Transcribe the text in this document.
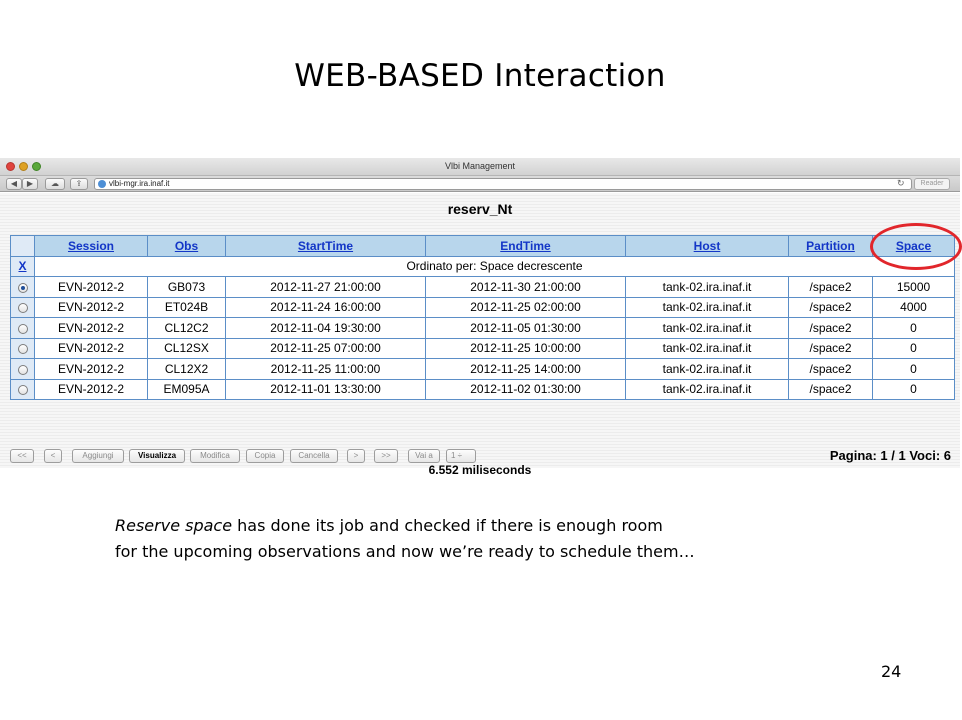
WEB-BASED Interaction
Vlbi Management
◀	▶	☁	⇪	vlbi-mgr.ira.inaf.it	↻	Reader
reserv_Nt
	Session	Obs	StartTime	EndTime	Host	Partition	Space
X	Ordinato per: Space decrescente						
	EVN-2012-2	GB073	2012-11-27 21:00:00	2012-11-30 21:00:00	tank-02.ira.inaf.it	/space2	15000
	EVN-2012-2	ET024B	2012-11-24 16:00:00	2012-11-25 02:00:00	tank-02.ira.inaf.it	/space2	4000
	EVN-2012-2	CL12C2	2012-11-04 19:30:00	2012-11-05 01:30:00	tank-02.ira.inaf.it	/space2	0
	EVN-2012-2	CL12SX	2012-11-25 07:00:00	2012-11-25 10:00:00	tank-02.ira.inaf.it	/space2	0
	EVN-2012-2	CL12X2	2012-11-25 11:00:00	2012-11-25 14:00:00	tank-02.ira.inaf.it	/space2	0
	EVN-2012-2	EM095A	2012-11-01 13:30:00	2012-11-02 01:30:00	tank-02.ira.inaf.it	/space2	0
<<	<	Aggiungi	Visualizza	Modifica	Copia	Cancella	>	>>	Vai a	1 ÷	Pagina: 1 / 1 Voci: 6
6.552 miliseconds
Reserve space has done its job and checked if there is enough room
for the upcoming observations and now we’re ready to schedule them…
24
